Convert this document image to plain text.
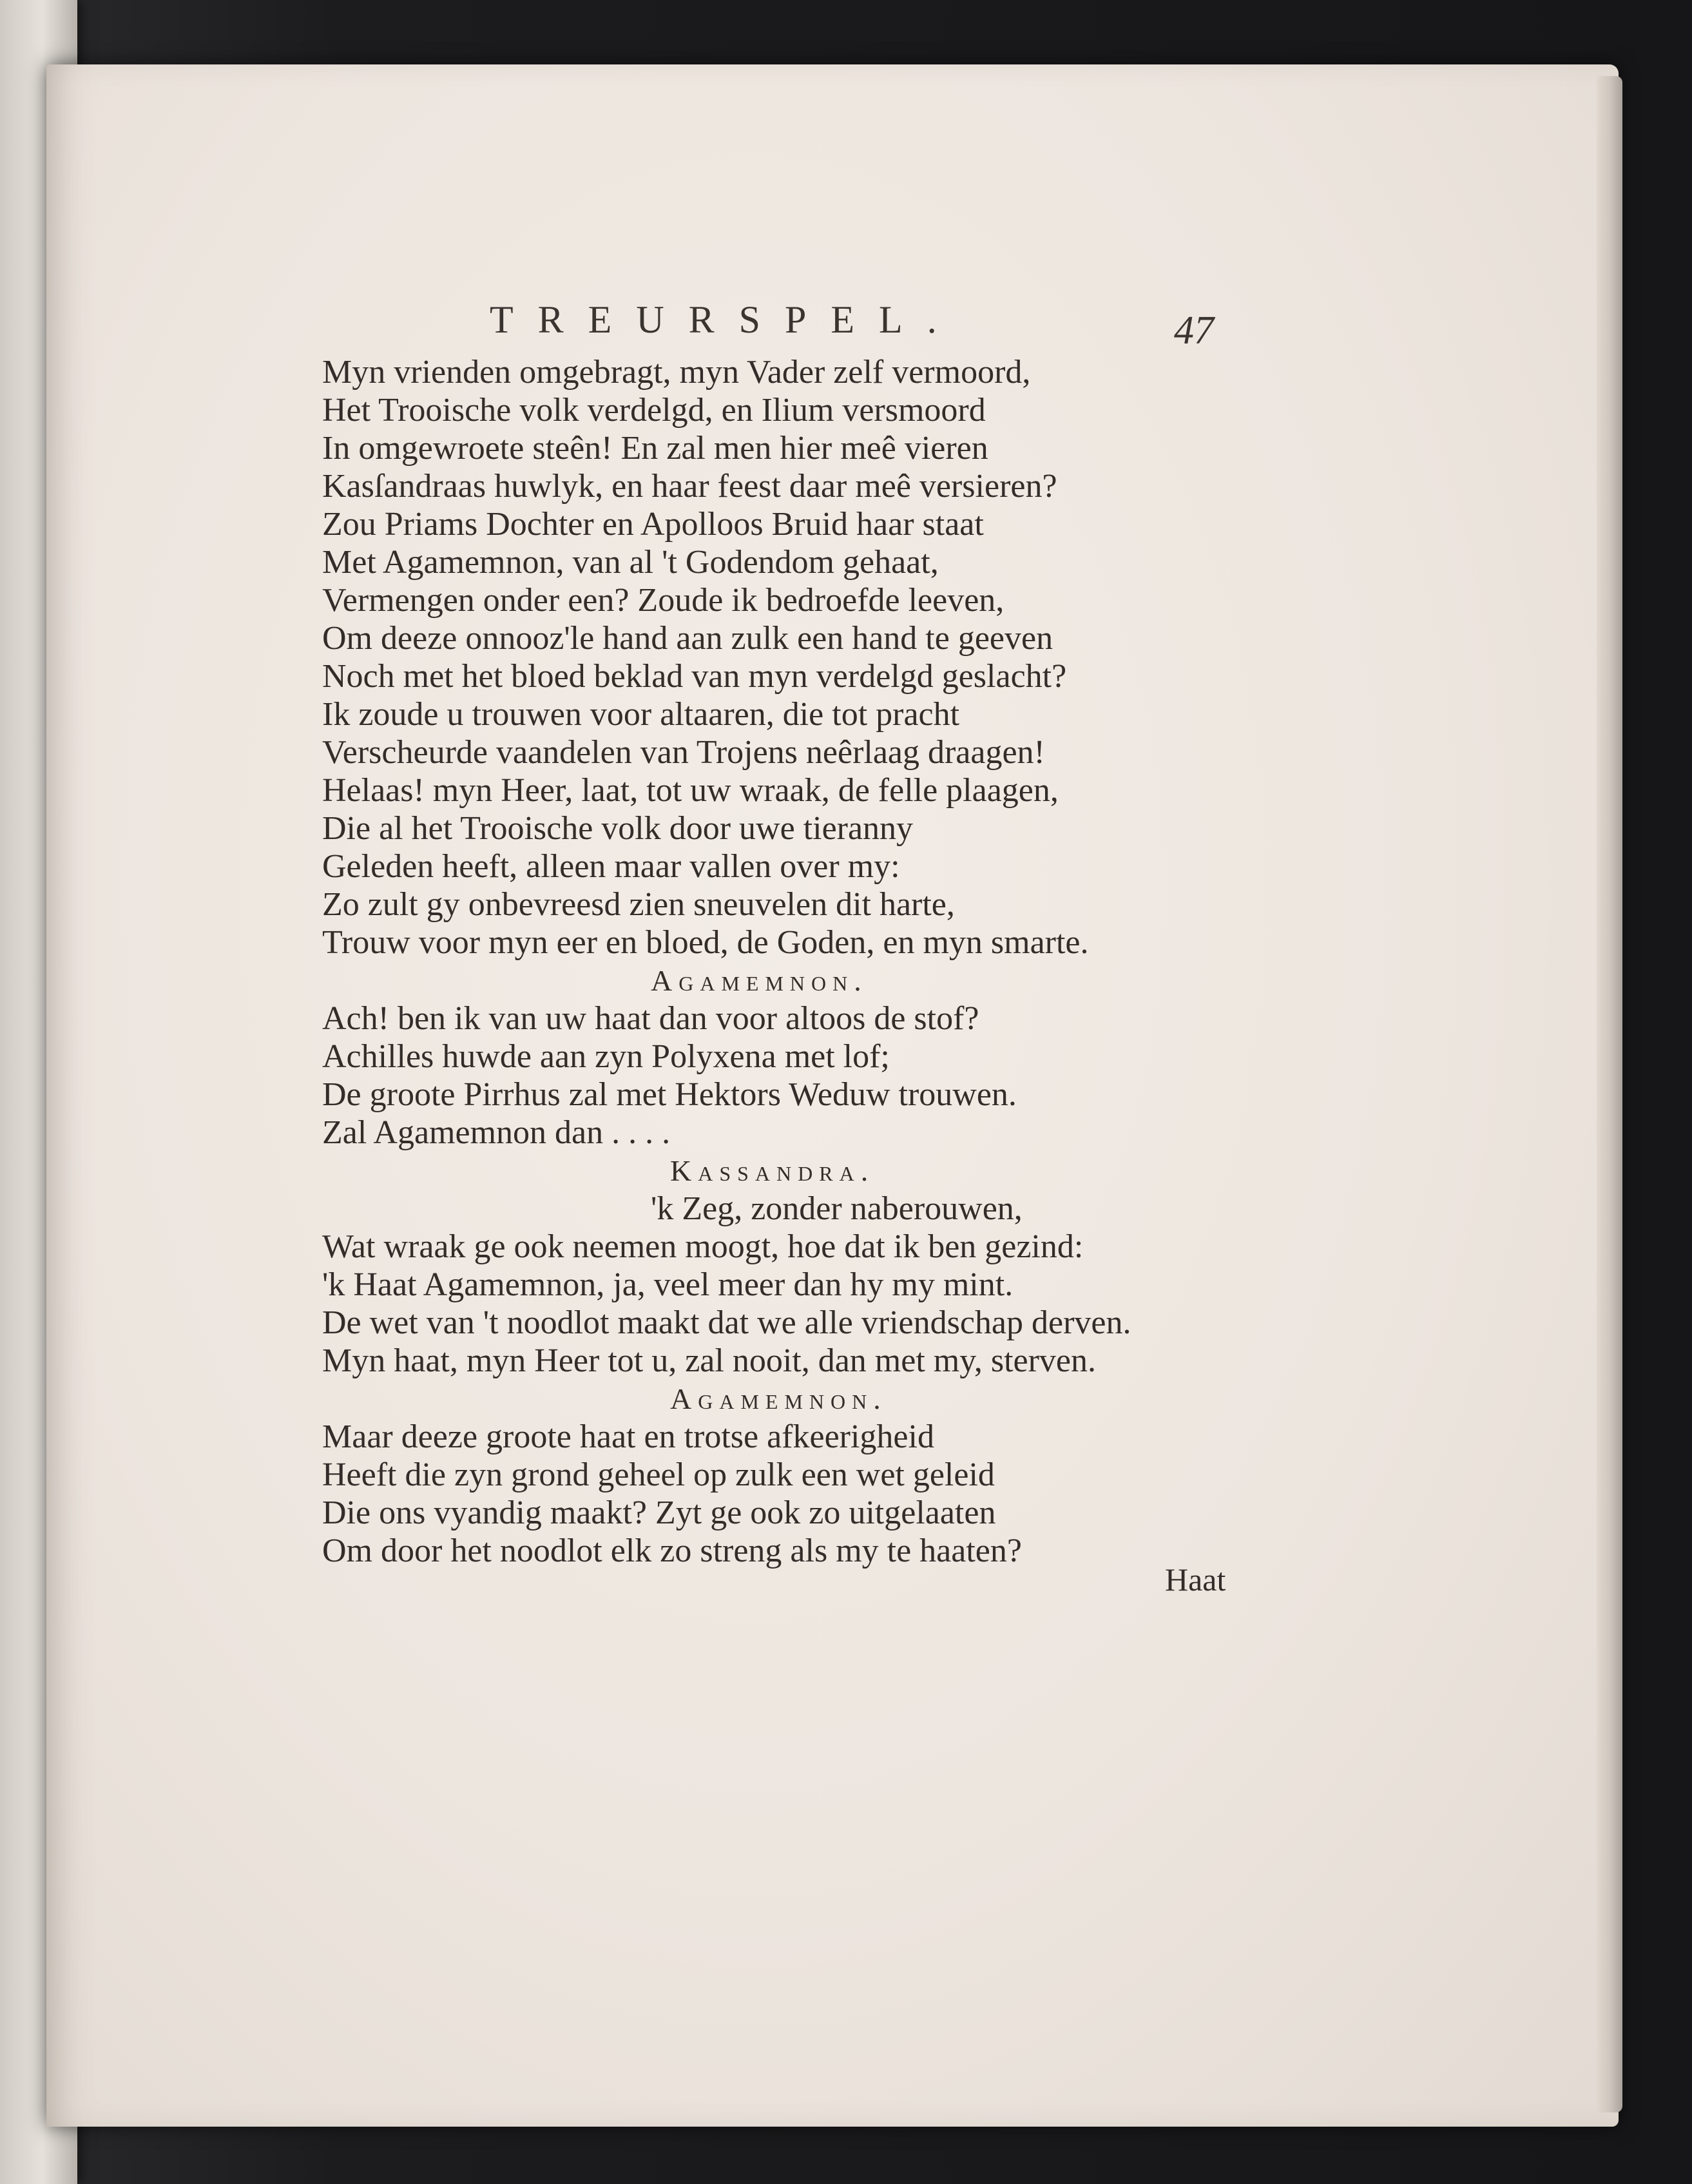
TREURSPEL.	47
Myn vrienden omgebragt, myn Vader zelf vermoord,
Het Trooische volk verdelgd, en Ilium versmoord
In omgewroete steên! En zal men hier meê vieren
Kasſandraas huwlyk, en haar feest daar meê versieren?
Zou Priams Dochter en Apolloos Bruid haar staat
Met Agamemnon, van al 't Godendom gehaat,
Vermengen onder een? Zoude ik bedroefde leeven,
Om deeze onnooz'le hand aan zulk een hand te geeven
Noch met het bloed beklad van myn verdelgd geslacht?
Ik zoude u trouwen voor altaaren, die tot pracht
Verscheurde vaandelen van Trojens neêrlaag draagen!
Helaas! myn Heer, laat, tot uw wraak, de felle plaagen,
Die al het Trooische volk door uwe tieranny
Geleden heeft, alleen maar vallen over my:
Zo zult gy onbevreesd zien sneuvelen dit harte,
Trouw voor myn eer en bloed, de Goden, en myn smarte.
Agamemnon.
Ach! ben ik van uw haat dan voor altoos de stof?
Achilles huwde aan zyn Polyxena met lof;
De groote Pirrhus zal met Hektors Weduw trouwen.
Zal Agamemnon dan . . . .
Kassandra.
'k Zeg, zonder naberouwen,
Wat wraak ge ook neemen moogt, hoe dat ik ben gezind:
'k Haat Agamemnon, ja, veel meer dan hy my mint.
De wet van 't noodlot maakt dat we alle vriendschap derven.
Myn haat, myn Heer tot u, zal nooit, dan met my, sterven.
Agamemnon.
Maar deeze groote haat en trotse afkeerigheid
Heeft die zyn grond geheel op zulk een wet geleid
Die ons vyandig maakt? Zyt ge ook zo uitgelaaten
Om door het noodlot elk zo streng als my te haaten?
Haat
